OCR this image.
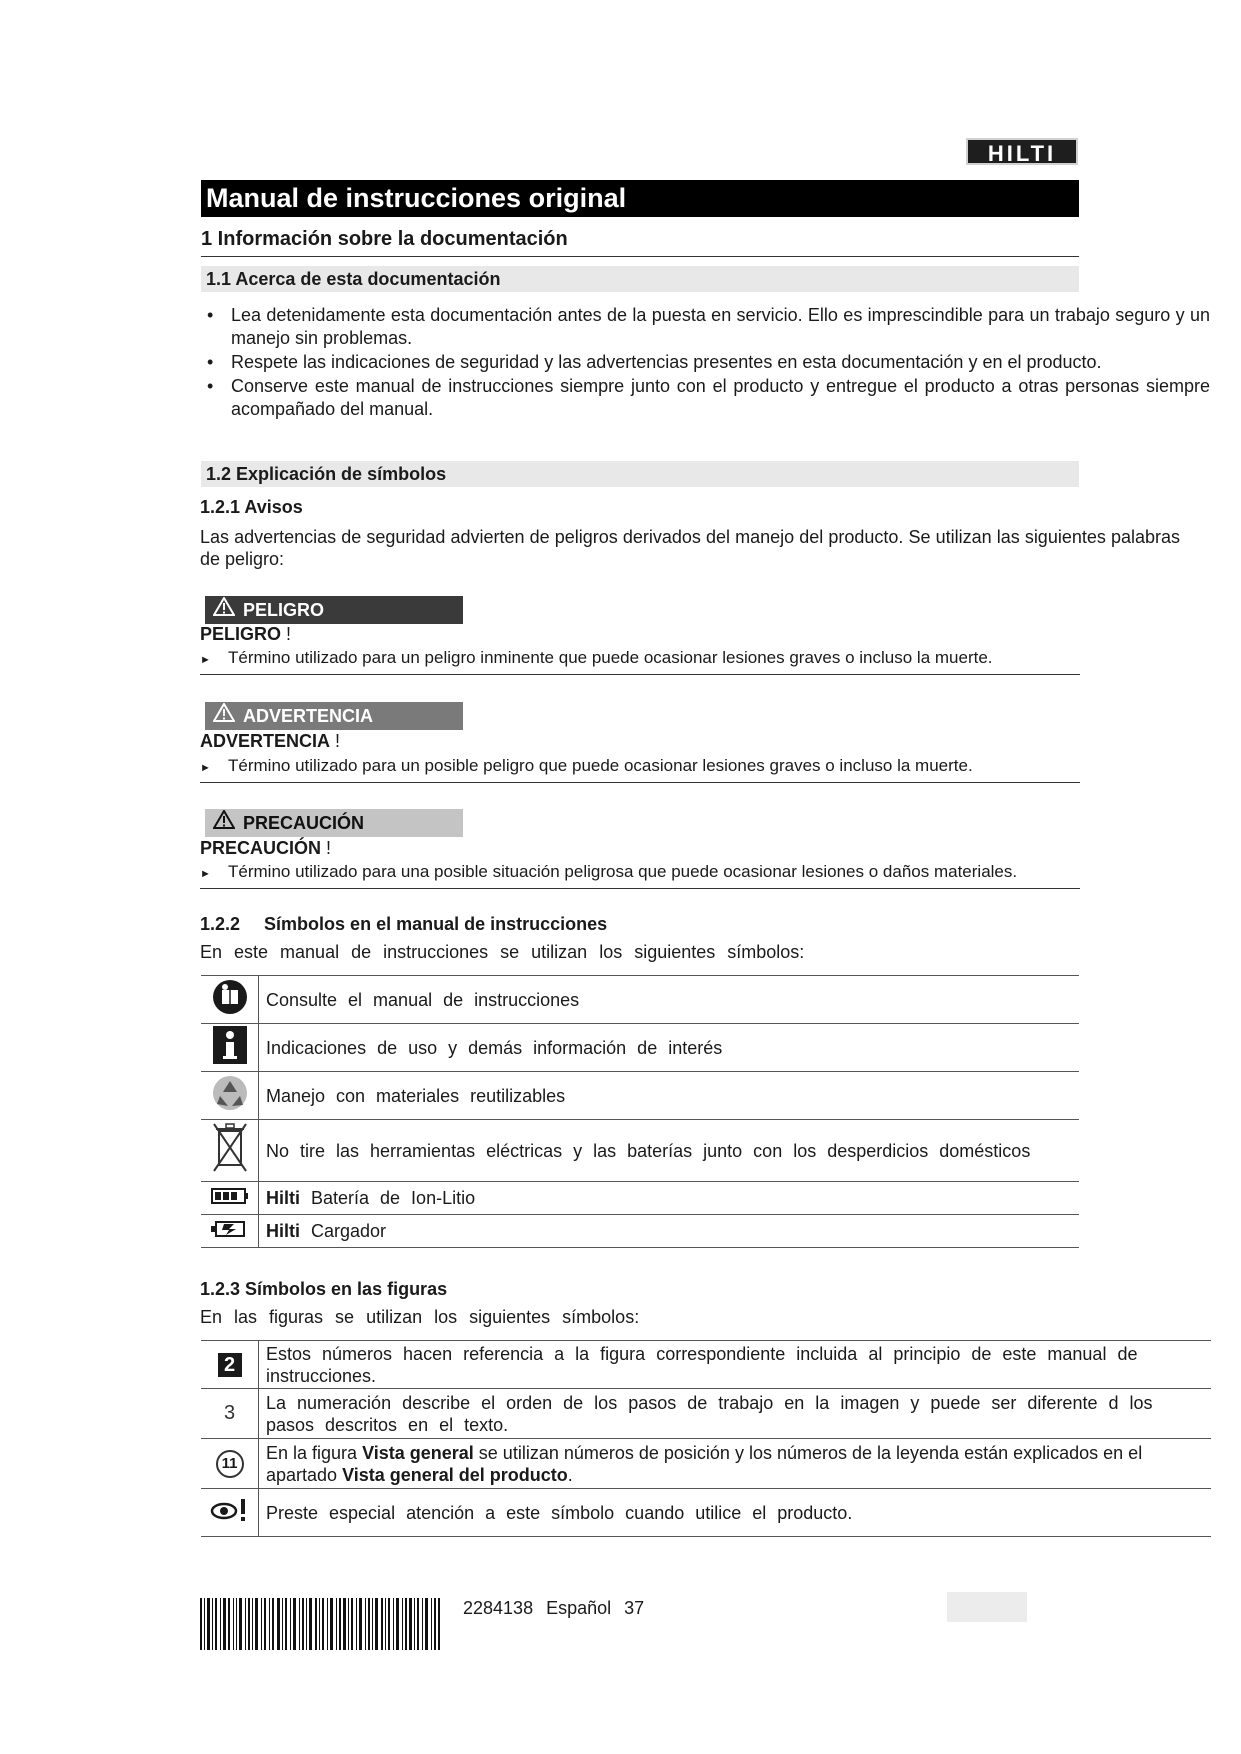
HILTI
Manual de instrucciones original
1 Información sobre la documentación
1.1 Acerca de esta documentación
• Lea detenidamente esta documentación antes de la puesta en servicio. Ello es imprescindible para un trabajo seguro y un manejo sin problemas.
• Respete las indicaciones de seguridad y las advertencias presentes en esta documentación y en el producto.
• Conserve este manual de instrucciones siempre junto con el producto y entregue el producto a otras personas siempre acompañado del manual.
1.2 Explicación de símbolos
1.2.1 Avisos
Las advertencias de seguridad advierten de peligros derivados del manejo del producto. Se utilizan las siguientes palabras de peligro:
PELIGRO
PELIGRO !
► Término utilizado para un peligro inminente que puede ocasionar lesiones graves o incluso la muerte.
ADVERTENCIA
ADVERTENCIA !
► Término utilizado para un posible peligro que puede ocasionar lesiones graves o incluso la muerte.
PRECAUCIÓN
PRECAUCIÓN !
► Término utilizado para una posible situación peligrosa que puede ocasionar lesiones o daños materiales.
1.2.2 Símbolos en el manual de instrucciones
En este manual de instrucciones se utilizan los siguientes símbolos:
	Consulte el manual de instrucciones
	Indicaciones de uso y demás información de interés
	Manejo con materiales reutilizables
	No tire las herramientas eléctricas y las baterías junto con los desperdicios domésticos
	Hilti Batería de Ion-Litio
	Hilti Cargador
1.2.3 Símbolos en las figuras
En las figuras se utilizan los siguientes símbolos:
2	Estos números hacen referencia a la figura correspondiente incluida al principio de este manual de instrucciones.
3	La numeración describe el orden de los pasos de trabajo en la imagen y puede ser diferente d los pasos descritos en el texto.
11	En la figura Vista general se utilizan números de posición y los números de la leyenda están explicados en el apartado Vista general del producto.
	Preste especial atención a este símbolo cuando utilice el producto.
2284138 Español 37
